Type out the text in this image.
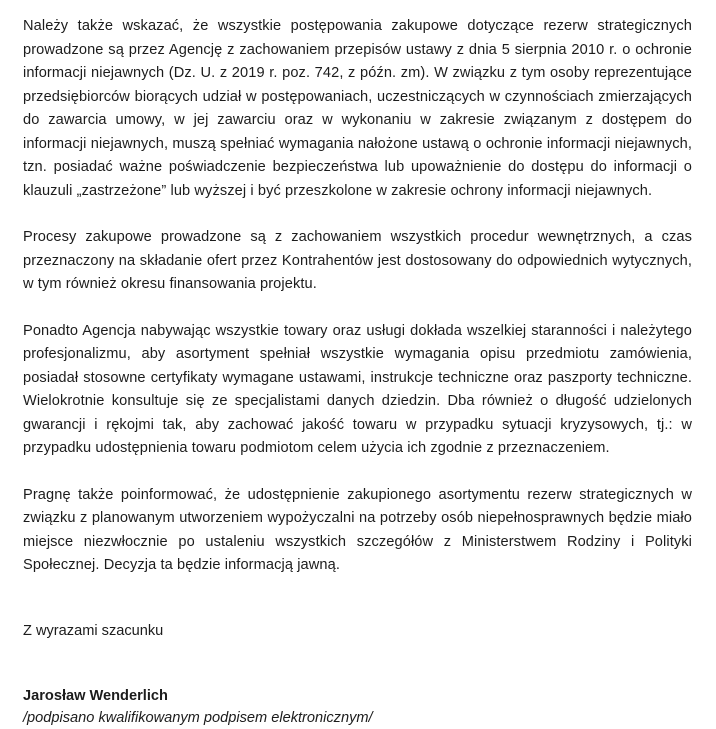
Należy także wskazać, że wszystkie postępowania zakupowe dotyczące rezerw strategicznych prowadzone są przez Agencję z zachowaniem przepisów ustawy z dnia 5 sierpnia 2010 r. o ochronie informacji niejawnych (Dz. U. z 2019 r. poz. 742, z późn. zm). W związku z tym osoby reprezentujące przedsiębiorców biorących udział w postępowaniach, uczestniczących w czynnościach zmierzających do zawarcia umowy, w jej zawarciu oraz w wykonaniu w zakresie związanym z dostępem do informacji niejawnych, muszą spełniać wymagania nałożone ustawą o ochronie informacji niejawnych, tzn. posiadać ważne poświadczenie bezpieczeństwa lub upoważnienie do dostępu do informacji o klauzuli „zastrzeżone” lub wyższej i być przeszkolone w zakresie ochrony informacji niejawnych.

Procesy zakupowe prowadzone są z zachowaniem wszystkich procedur wewnętrznych, a czas przeznaczony na składanie ofert przez Kontrahentów jest dostosowany do odpowiednich wytycznych, w tym również okresu finansowania projektu.

Ponadto Agencja nabywając wszystkie towary oraz usługi dokłada wszelkiej staranności i należytego profesjonalizmu, aby asortyment spełniał wszystkie wymagania opisu przedmiotu zamówienia, posiadał stosowne certyfikaty wymagane ustawami, instrukcje techniczne oraz paszporty techniczne. Wielokrotnie konsultuje się ze specjalistami danych dziedzin. Dba również o długość udzielonych gwarancji i rękojmi tak, aby zachować jakość towaru w przypadku sytuacji kryzysowych, tj.: w przypadku udostępnienia towaru podmiotom celem użycia ich zgodnie z przeznaczeniem.

Pragnę także poinformować, że udostępnienie zakupionego asortymentu rezerw strategicznych w związku z planowanym utworzeniem wypożyczalni na potrzeby osób niepełnosprawnych będzie miało miejsce niezwłocznie po ustaleniu wszystkich szczegółów z Ministerstwem Rodziny i Polityki Społecznej. Decyzja ta będzie informacją jawną.

Z wyrazami szacunku

Jarosław Wenderlich

/podpisano kwalifikowanym podpisem elektronicznym/
